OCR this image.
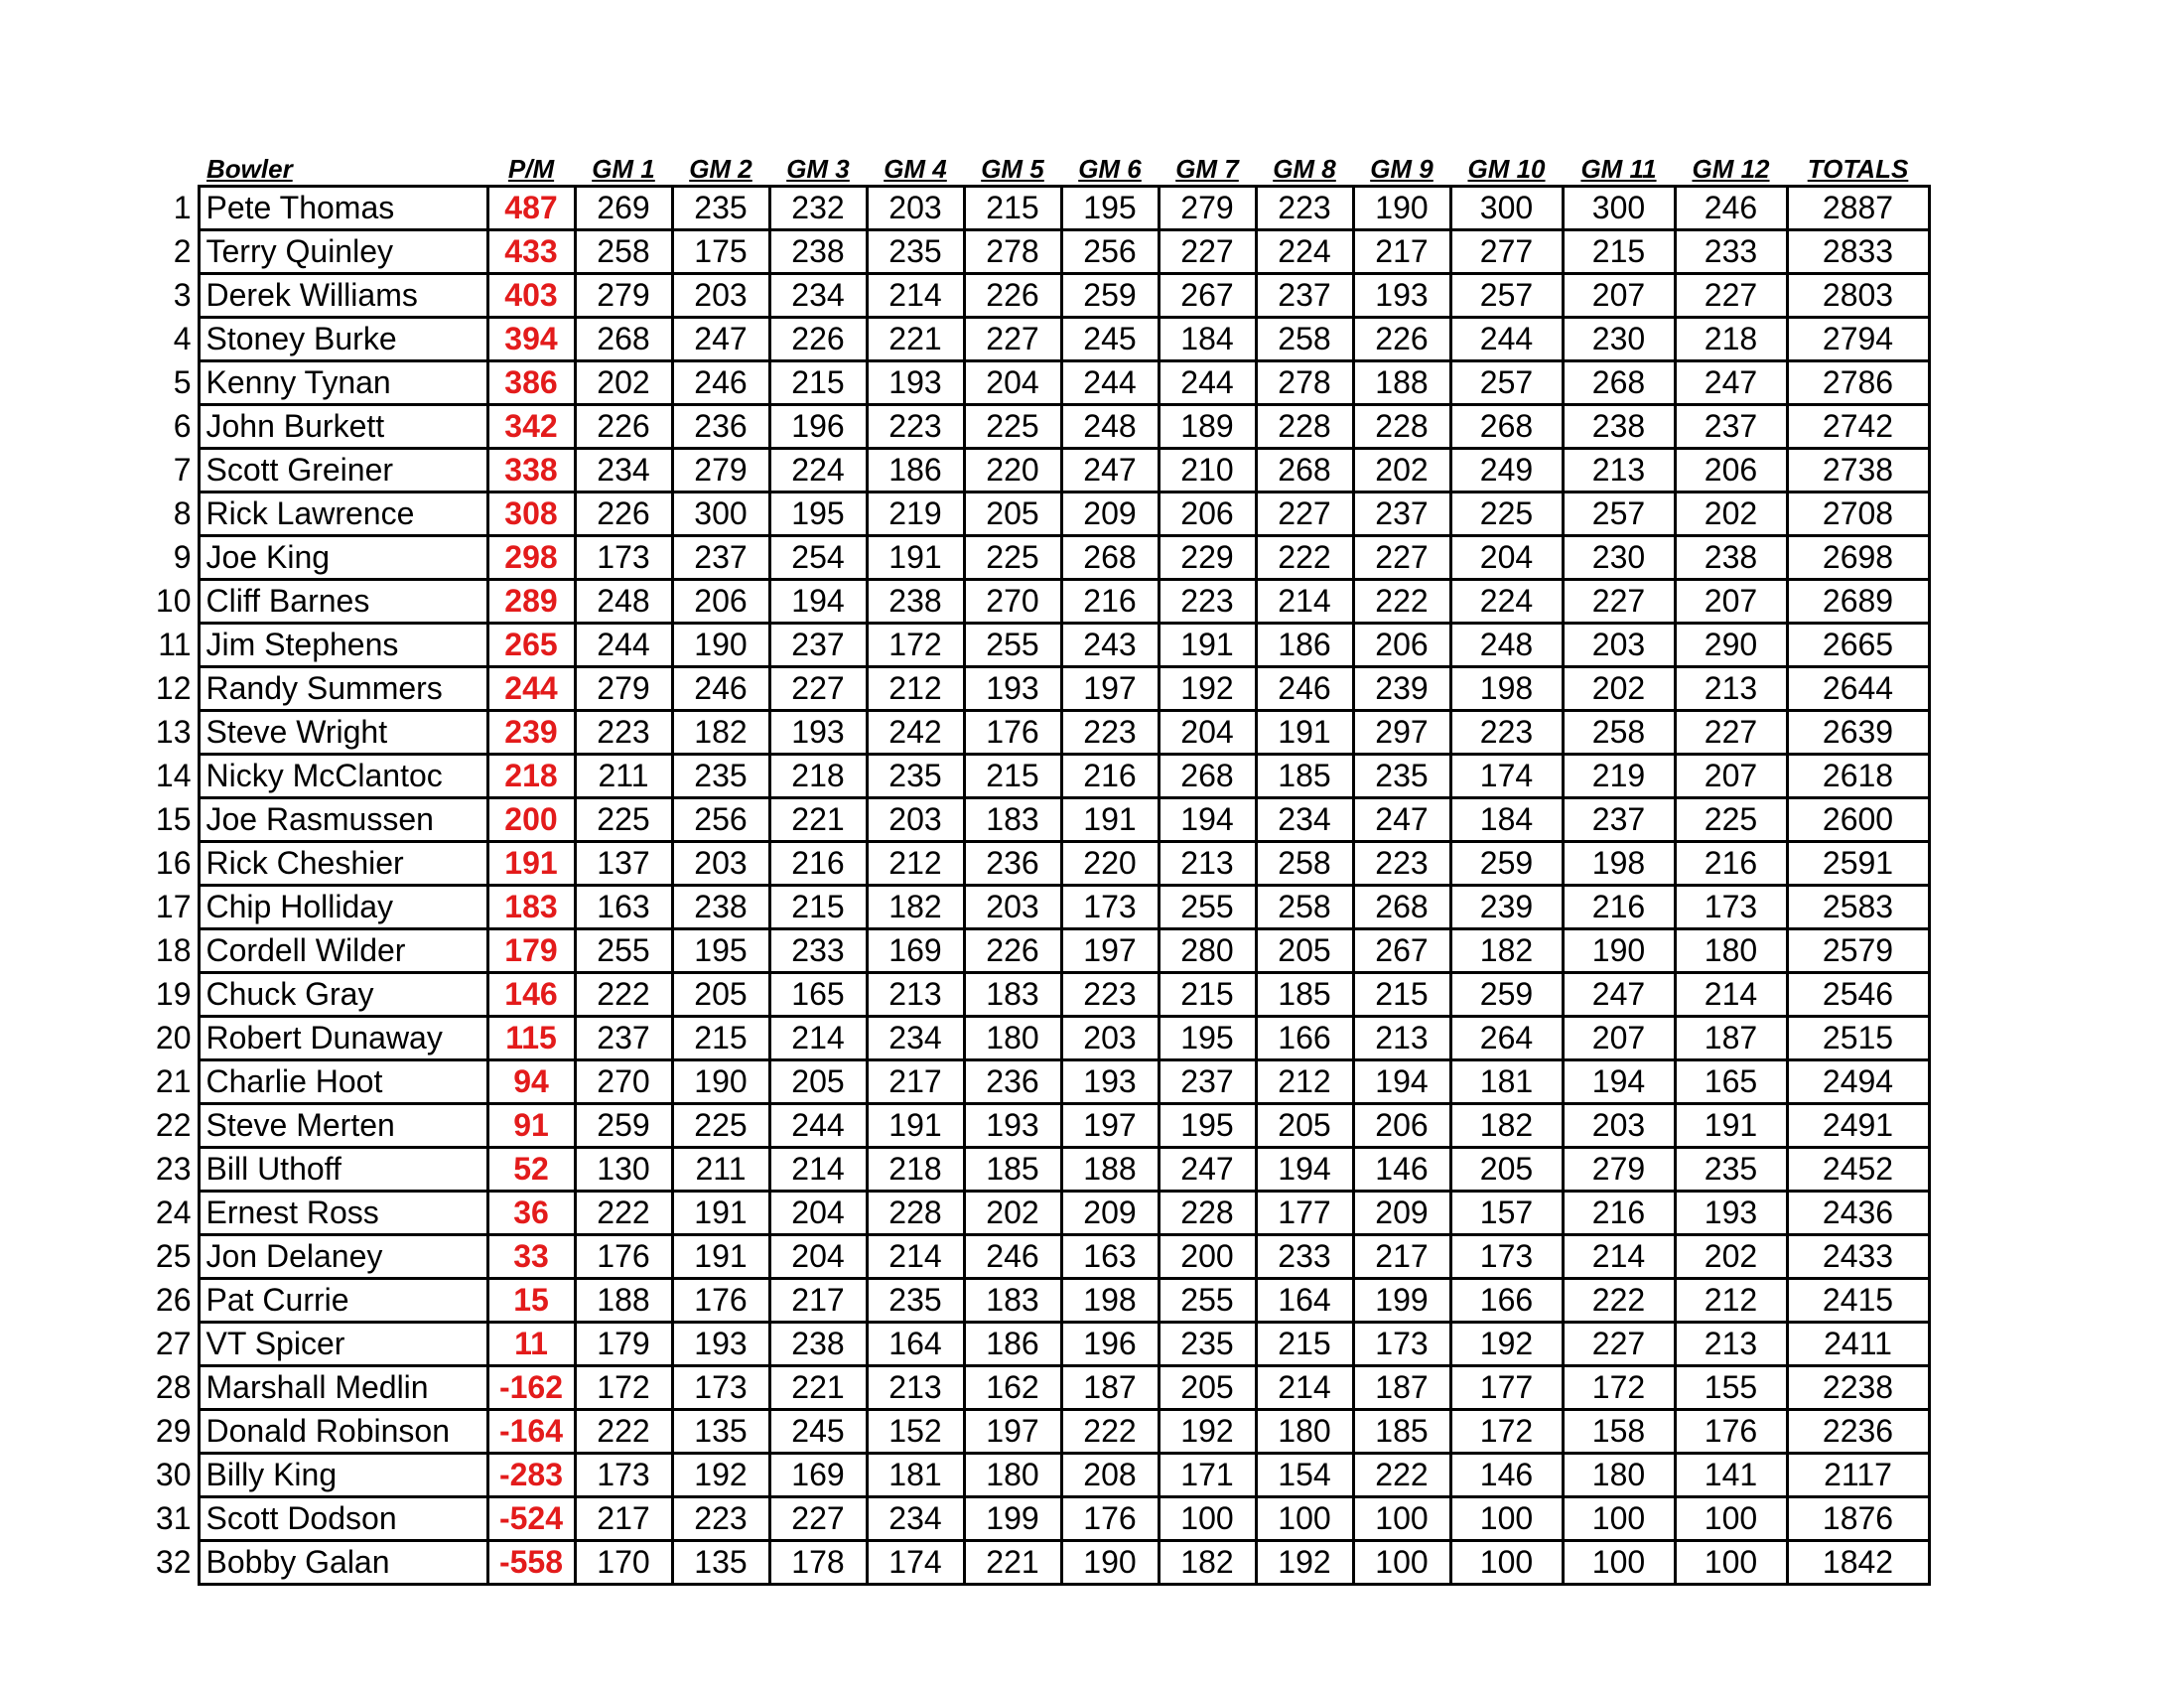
	Bowler	P/M	GM 1	GM 2	GM 3	GM 4	GM 5	GM 6	GM 7	GM 8	GM 9	GM 10	GM 11	GM 12	TOTALS
1	Pete Thomas	487	269	235	232	203	215	195	279	223	190	300	300	246	2887
2	Terry Quinley	433	258	175	238	235	278	256	227	224	217	277	215	233	2833
3	Derek Williams	403	279	203	234	214	226	259	267	237	193	257	207	227	2803
4	Stoney Burke	394	268	247	226	221	227	245	184	258	226	244	230	218	2794
5	Kenny Tynan	386	202	246	215	193	204	244	244	278	188	257	268	247	2786
6	John Burkett	342	226	236	196	223	225	248	189	228	228	268	238	237	2742
7	Scott Greiner	338	234	279	224	186	220	247	210	268	202	249	213	206	2738
8	Rick Lawrence	308	226	300	195	219	205	209	206	227	237	225	257	202	2708
9	Joe King	298	173	237	254	191	225	268	229	222	227	204	230	238	2698
10	Cliff Barnes	289	248	206	194	238	270	216	223	214	222	224	227	207	2689
11	Jim Stephens	265	244	190	237	172	255	243	191	186	206	248	203	290	2665
12	Randy Summers	244	279	246	227	212	193	197	192	246	239	198	202	213	2644
13	Steve Wright	239	223	182	193	242	176	223	204	191	297	223	258	227	2639
14	Nicky McClantoc	218	211	235	218	235	215	216	268	185	235	174	219	207	2618
15	Joe Rasmussen	200	225	256	221	203	183	191	194	234	247	184	237	225	2600
16	Rick Cheshier	191	137	203	216	212	236	220	213	258	223	259	198	216	2591
17	Chip Holliday	183	163	238	215	182	203	173	255	258	268	239	216	173	2583
18	Cordell Wilder	179	255	195	233	169	226	197	280	205	267	182	190	180	2579
19	Chuck Gray	146	222	205	165	213	183	223	215	185	215	259	247	214	2546
20	Robert Dunaway	115	237	215	214	234	180	203	195	166	213	264	207	187	2515
21	Charlie Hoot	94	270	190	205	217	236	193	237	212	194	181	194	165	2494
22	Steve Merten	91	259	225	244	191	193	197	195	205	206	182	203	191	2491
23	Bill Uthoff	52	130	211	214	218	185	188	247	194	146	205	279	235	2452
24	Ernest Ross	36	222	191	204	228	202	209	228	177	209	157	216	193	2436
25	Jon Delaney	33	176	191	204	214	246	163	200	233	217	173	214	202	2433
26	Pat Currie	15	188	176	217	235	183	198	255	164	199	166	222	212	2415
27	VT Spicer	11	179	193	238	164	186	196	235	215	173	192	227	213	2411
28	Marshall Medlin	-162	172	173	221	213	162	187	205	214	187	177	172	155	2238
29	Donald Robinson	-164	222	135	245	152	197	222	192	180	185	172	158	176	2236
30	Billy King	-283	173	192	169	181	180	208	171	154	222	146	180	141	2117
31	Scott Dodson	-524	217	223	227	234	199	176	100	100	100	100	100	100	1876
32	Bobby Galan	-558	170	135	178	174	221	190	182	192	100	100	100	100	1842
